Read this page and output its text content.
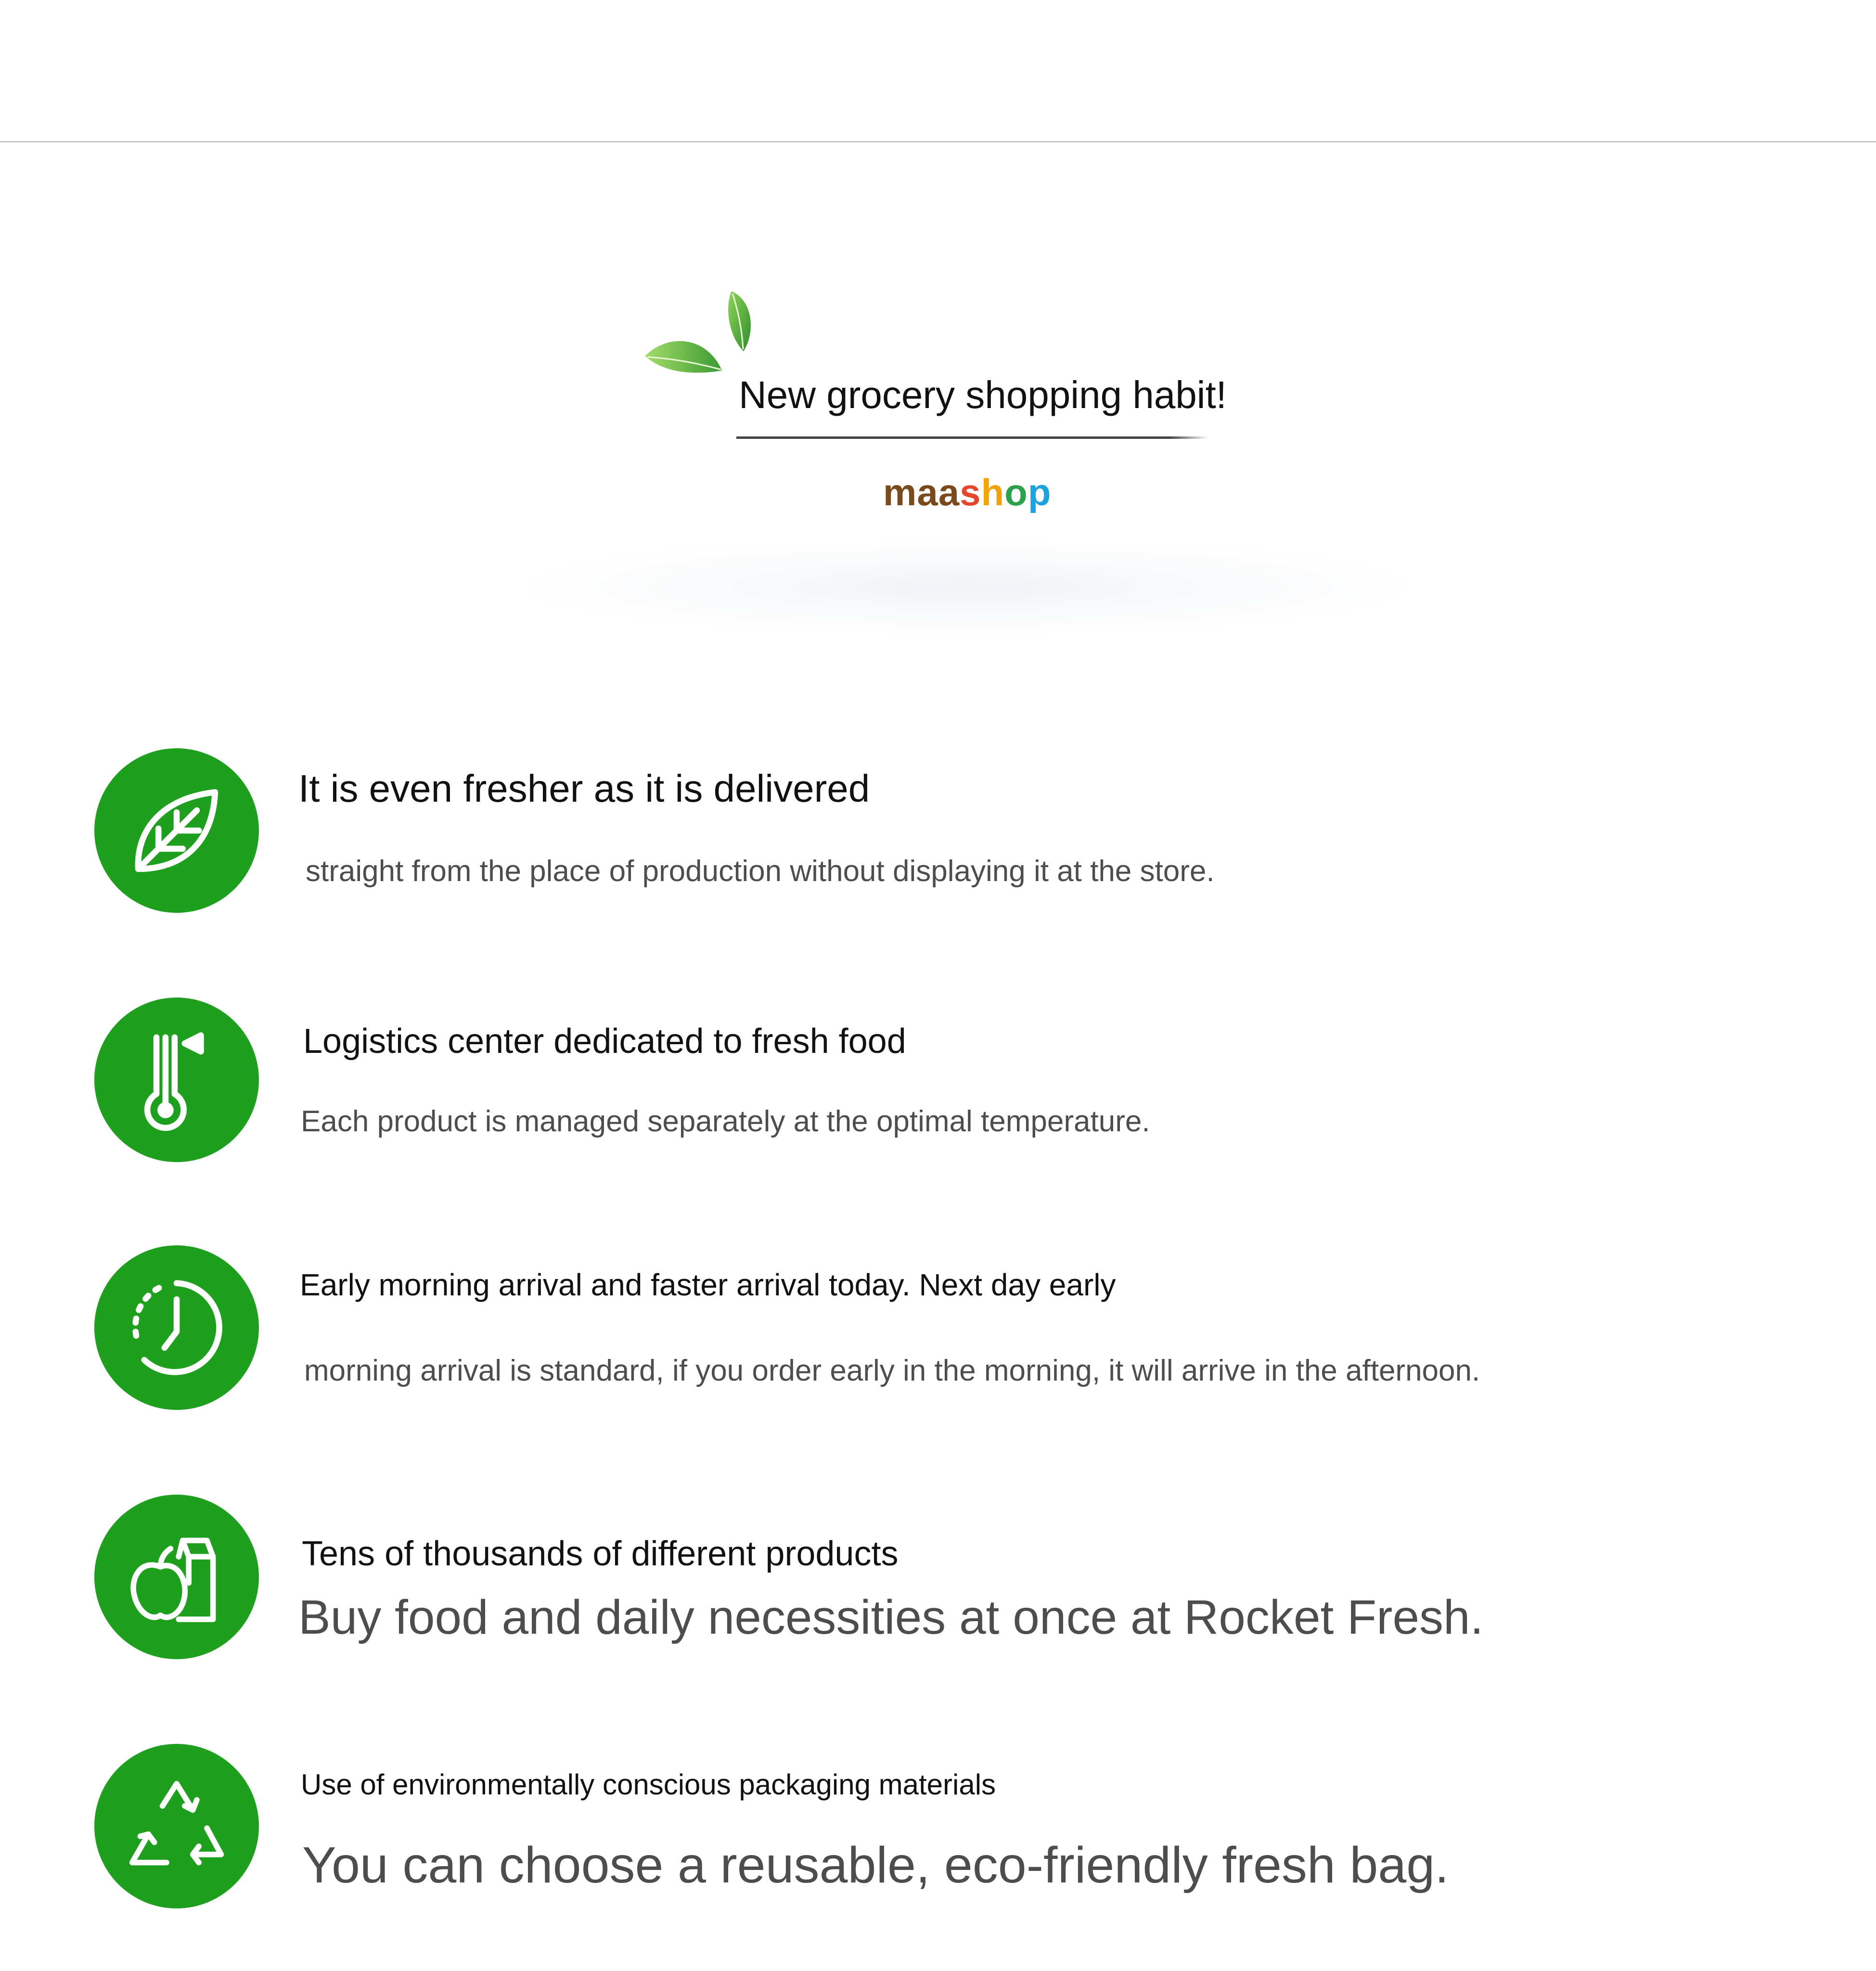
New grocery shopping habit!
maashop
It is even fresher as it is delivered
straight from the place of production without displaying it at the store.
Logistics center dedicated to fresh food
Each product is managed separately at the optimal temperature.
Early morning arrival and faster arrival today. Next day early
morning arrival is standard, if you order early in the morning, it will arrive in the afternoon.
Tens of thousands of different products
Buy food and daily necessities at once at Rocket Fresh.
Use of environmentally conscious packaging materials
You can choose a reusable, eco-friendly fresh bag.
